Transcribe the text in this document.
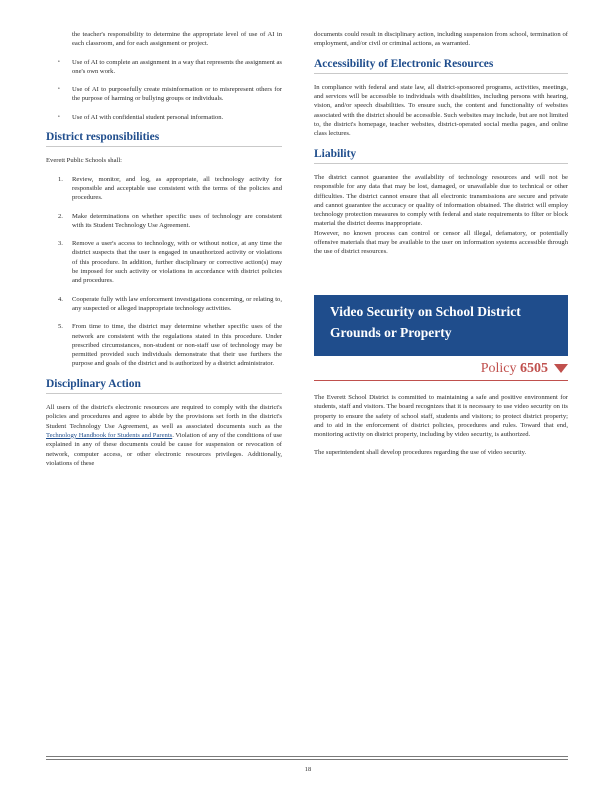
the teacher's responsibility to determine the appropriate level of use of AI in each classroom, and for each assignment or project.

• Use of AI to complete an assignment in a way that represents the assignment as one's own work.
• Use of AI to purposefully create misinformation or to misrepresent others for the purpose of harming or bullying groups or individuals.
• Use of AI with confidential student personal information.
District responsibilities

Everett Public Schools shall:

1. Review, monitor, and log, as appropriate, all technology activity for responsible and acceptable use consistent with the terms of the policies and procedures.
2. Make determinations on whether specific uses of technology are consistent with its Student Technology Use Agreement.
3. Remove a user's access to technology, with or without notice, at any time the district suspects that the user is engaged in unauthorized activity or violations of this procedure. In addition, further disciplinary or corrective action(s) may be imposed for such activity or violations in accordance with district policies and procedures.
4. Cooperate fully with law enforcement investigations concerning, or relating to, any suspected or alleged inappropriate technology activities.
5. From time to time, the district may determine whether specific uses of the network are consistent with the regulations stated in this procedure. Under prescribed circumstances, non-student or non-staff use of technology may be permitted provided such individuals demonstrate that their use furthers the purpose and goals of the district and is authorized by a district administrator.
Disciplinary Action

All users of the district's electronic resources are required to comply with the district's policies and procedures and agree to abide by the provisions set forth in the district's Student Technology Use Agreement, as well as associated documents such as the Technology Handbook for Students and Parents. Violation of any of the conditions of use explained in any of these documents could be cause for suspension or revocation of network, computer access, or other electronic resources privileges. Additionally, violations of these

documents could result in disciplinary action, including suspension from school, termination of employment, and/or civil or criminal actions, as warranted.

Accessibility of Electronic Resources

In compliance with federal and state law, all district-sponsored programs, activities, meetings, and services will be accessible to individuals with disabilities, including persons with hearing, vision, and/or speech disabilities. To ensure such, the content and functionality of websites associated with the district should be accessible. Such websites may include, but are not limited to, the district's homepage, teacher websites, district-operated social media pages, and online class lectures.

Liability

The district cannot guarantee the availability of technology resources and will not be responsible for any data that may be lost, damaged, or unavailable due to technical or other difficulties. The district cannot ensure that all electronic transmissions are secure and private and cannot guarantee the accuracy or quality of information obtained. The district will employ technology protection measures to comply with federal and state requirements to filter or block material the district deems inappropriate.

However, no known process can control or censor all illegal, defamatory, or potentially offensive materials that may be available to the user on information systems accessible through the use of district resources.

Video Security on School District
Grounds or Property
Policy 6505

The Everett School District is committed to maintaining a safe and positive environment for students, staff and visitors. The board recognizes that it is necessary to use video security on its property to ensure the safety of school staff, students and visitors; to protect district property; and to aid in the enforcement of district policies, procedures and rules. Toward that end, monitoring activity on district property, including by video security, is authorized.

The superintendent shall develop procedures regarding the use of video security.

18
